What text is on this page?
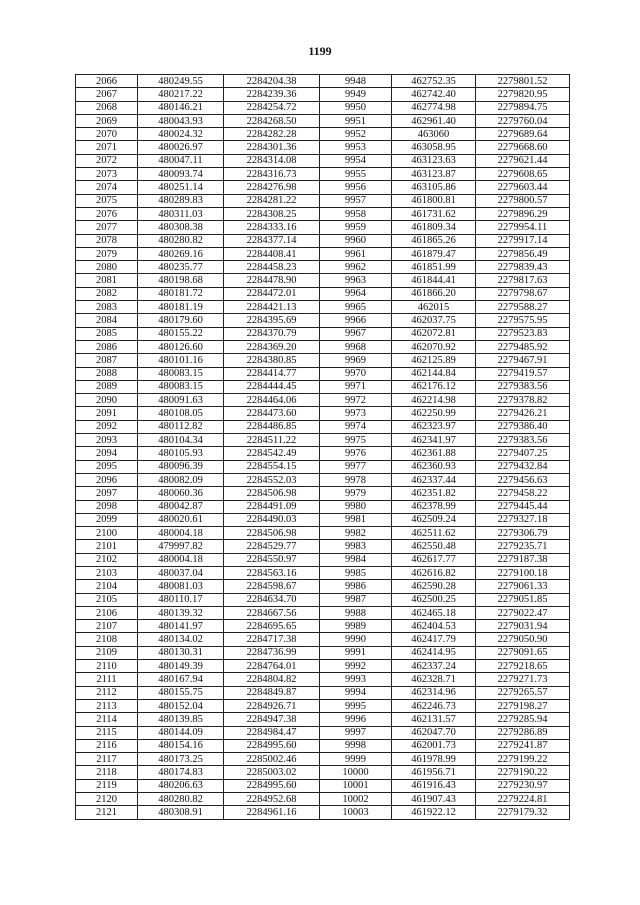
1199
2066	480249.55	2284204.38	9948	462752.35	2279801.52
2067	480217.22	2284239.36	9949	462742.40	2279820.95
2068	480146.21	2284254.72	9950	462774.98	2279894.75
2069	480043.93	2284268.50	9951	462961.40	2279760.04
2070	480024.32	2284282.28	9952	463060	2279689.64
2071	480026.97	2284301.36	9953	463058.95	2279668.60
2072	480047.11	2284314.08	9954	463123.63	2279621.44
2073	480093.74	2284316.73	9955	463123.87	2279608.65
2074	480251.14	2284276.98	9956	463105.86	2279603.44
2075	480289.83	2284281.22	9957	461800.81	2279800.57
2076	480311.03	2284308.25	9958	461731.62	2279896.29
2077	480308.38	2284333.16	9959	461809.34	2279954.11
2078	480280.82	2284377.14	9960	461865.26	2279917.14
2079	480269.16	2284408.41	9961	461879.47	2279856.49
2080	480235.77	2284458.23	9962	461851.99	2279839.43
2081	480198.68	2284478.90	9963	461844.41	2279817.63
2082	480181.72	2284472.01	9964	461866.20	2279798.67
2083	480181.19	2284421.13	9965	462015	2279588.27
2084	480179.60	2284395.69	9966	462037.75	2279575.95
2085	480155.22	2284370.79	9967	462072.81	2279523.83
2086	480126.60	2284369.20	9968	462070.92	2279485.92
2087	480101.16	2284380.85	9969	462125.89	2279467.91
2088	480083.15	2284414.77	9970	462144.84	2279419.57
2089	480083.15	2284444.45	9971	462176.12	2279383.56
2090	480091.63	2284464.06	9972	462214.98	2279378.82
2091	480108.05	2284473.60	9973	462250.99	2279426.21
2092	480112.82	2284486.85	9974	462323.97	2279386.40
2093	480104.34	2284511.22	9975	462341.97	2279383.56
2094	480105.93	2284542.49	9976	462361.88	2279407.25
2095	480096.39	2284554.15	9977	462360.93	2279432.84
2096	480082.09	2284552.03	9978	462337.44	2279456.63
2097	480060.36	2284506.98	9979	462351.82	2279458.22
2098	480042.87	2284491.09	9980	462378.99	2279445.44
2099	480020.61	2284490.03	9981	462509.24	2279327.18
2100	480004.18	2284506.98	9982	462511.62	2279306.79
2101	479997.82	2284529.77	9983	462550.48	2279235.71
2102	480004.18	2284550.97	9984	462617.77	2279187.38
2103	480037.04	2284563.16	9985	462616.82	2279100.18
2104	480081.03	2284598.67	9986	462590.28	2279061.33
2105	480110.17	2284634.70	9987	462500.25	2279051.85
2106	480139.32	2284667.56	9988	462465.18	2279022.47
2107	480141.97	2284695.65	9989	462404.53	2279031.94
2108	480134.02	2284717.38	9990	462417.79	2279050.90
2109	480130.31	2284736.99	9991	462414.95	2279091.65
2110	480149.39	2284764.01	9992	462337.24	2279218.65
2111	480167.94	2284804.82	9993	462328.71	2279271.73
2112	480155.75	2284849.87	9994	462314.96	2279265.57
2113	480152.04	2284926.71	9995	462246.73	2279198.27
2114	480139.85	2284947.38	9996	462131.57	2279285.94
2115	480144.09	2284984.47	9997	462047.70	2279286.89
2116	480154.16	2284995.60	9998	462001.73	2279241.87
2117	480173.25	2285002.46	9999	461978.99	2279199.22
2118	480174.83	2285003.02	10000	461956.71	2279190.22
2119	480206.63	2284995.60	10001	461916.43	2279230.97
2120	480280.82	2284952.68	10002	461907.43	2279224.81
2121	480308.91	2284961.16	10003	461922.12	2279179.32
